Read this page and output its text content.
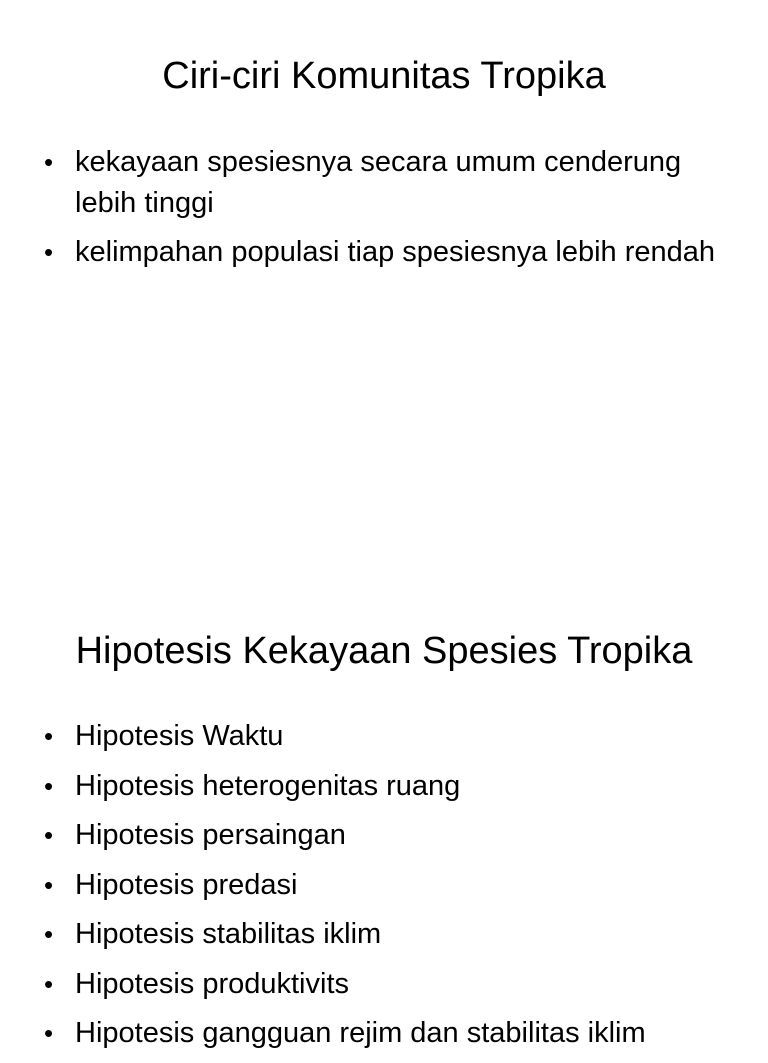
Ciri-ciri Komunitas Tropika
• kekayaan spesiesnya secara umum cenderung lebih tinggi
• kelimpahan populasi tiap spesiesnya lebih rendah
Hipotesis Kekayaan Spesies Tropika
• Hipotesis Waktu
• Hipotesis heterogenitas ruang
• Hipotesis persaingan
• Hipotesis predasi
• Hipotesis stabilitas iklim
• Hipotesis produktivits
• Hipotesis gangguan rejim dan stabilitas iklim
